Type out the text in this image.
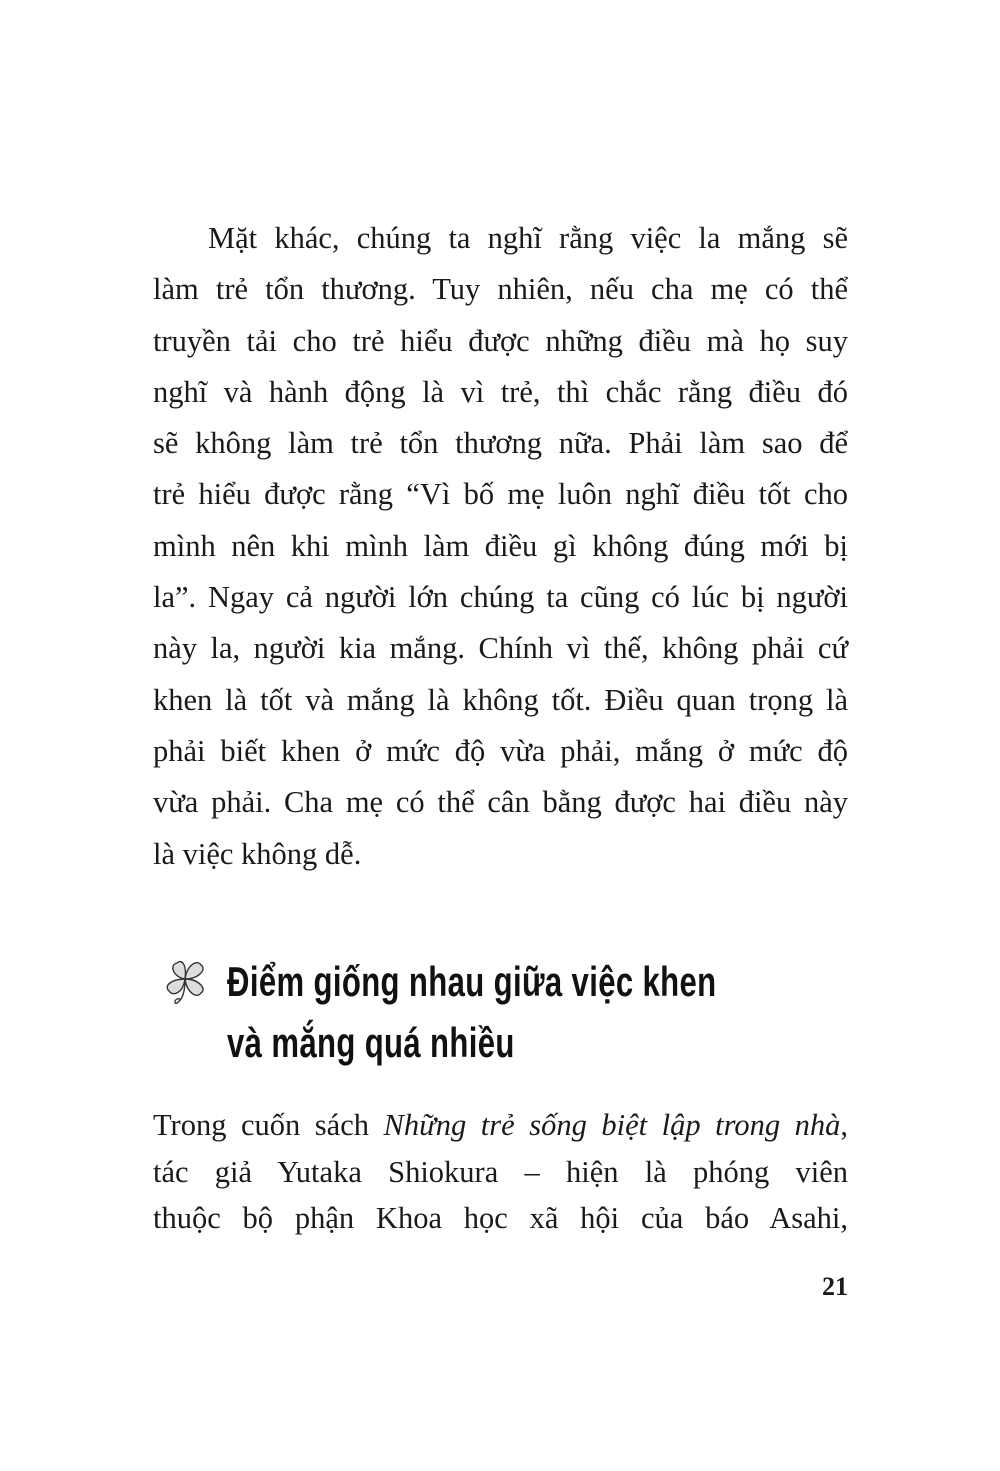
Mặt khác, chúng ta nghĩ rằng việc la mắng sẽ
làm trẻ tổn thương. Tuy nhiên, nếu cha mẹ có thể
truyền tải cho trẻ hiểu được những điều mà họ suy
nghĩ và hành động là vì trẻ, thì chắc rằng điều đó
sẽ không làm trẻ tổn thương nữa. Phải làm sao để
trẻ hiểu được rằng “Vì bố mẹ luôn nghĩ điều tốt cho
mình nên khi mình làm điều gì không đúng mới bị
la”. Ngay cả người lớn chúng ta cũng có lúc bị người
này la, người kia mắng. Chính vì thế, không phải cứ
khen là tốt và mắng là không tốt. Điều quan trọng là
phải biết khen ở mức độ vừa phải, mắng ở mức độ
vừa phải. Cha mẹ có thể cân bằng được hai điều này
là việc không dễ.
Điểm giống nhau giữa việc khen
và mắng quá nhiều
Trong cuốn sách Những trẻ sống biệt lập trong nhà,
tác giả Yutaka Shiokura – hiện là phóng viên
thuộc bộ phận Khoa học xã hội của báo Asahi,
21
